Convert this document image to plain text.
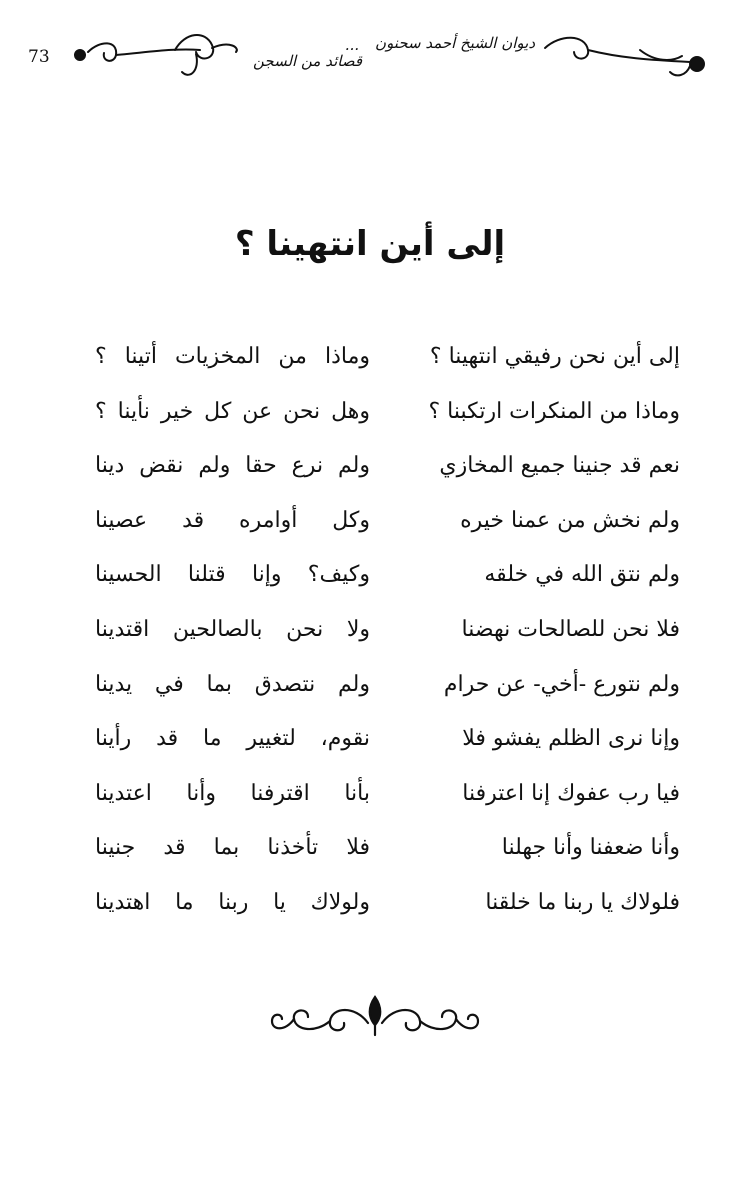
73
ديوان الشيخ أحمد سحنون
...
قصائد من السجن
إلى أين انتهينا ؟
إلى أين نحن رفيقي انتهينا ؟
وماذا من المخزيات أتينا ؟
وماذا من المنكرات ارتكبنا ؟
وهل نحن عن كل خير نأينا ؟
نعم قد جنينا جميع المخازي
ولم نرع حقا ولم نقض دينا
ولم نخش من عمنا خيره
وكل أوامره قد عصينا
ولم نتق الله في خلقه
وكيف؟ وإنا قتلنا الحسينا
فلا نحن للصالحات نهضنا
ولا نحن بالصالحين اقتدينا
ولم نتورع -أخي- عن حرام
ولم نتصدق بما في يدينا
وإنا نرى الظلم يفشو فلا
نقوم، لتغيير ما قد رأينا
فيا رب عفوك إنا اعترفنا
بأنا اقترفنا وأنا اعتدينا
وأنا ضعفنا وأنا جهلنا
فلا تأخذنا بما قد جنينا
فلولاك يا ربنا ما خلقنا
ولولاك يا ربنا ما اهتدينا
